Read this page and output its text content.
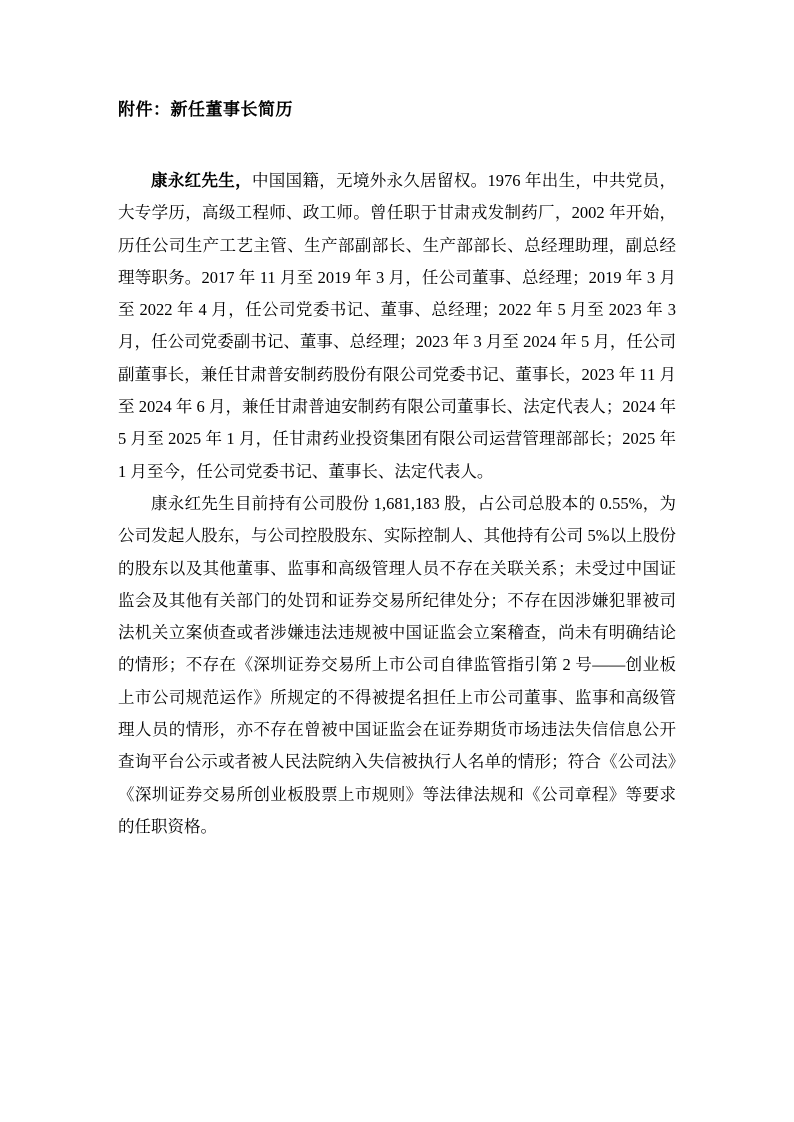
附件：新任董事长简历

康永红先生，中国国籍，无境外永久居留权。1976 年出生，中共党员，大专学历，高级工程师、政工师。曾任职于甘肃戎发制药厂，2002 年开始，历任公司生产工艺主管、生产部副部长、生产部部长、总经理助理，副总经理等职务。2017 年 11 月至 2019 年 3 月，任公司董事、总经理；2019 年 3 月至 2022 年 4 月，任公司党委书记、董事、总经理；2022 年 5 月至 2023 年 3 月，任公司党委副书记、董事、总经理；2023 年 3 月至 2024 年 5 月，任公司副董事长，兼任甘肃普安制药股份有限公司党委书记、董事长，2023 年 11 月至 2024 年 6 月，兼任甘肃普迪安制药有限公司董事长、法定代表人；2024 年 5 月至 2025 年 1 月，任甘肃药业投资集团有限公司运营管理部部长；2025 年 1 月至今，任公司党委书记、董事长、法定代表人。

康永红先生目前持有公司股份 1,681,183 股，占公司总股本的 0.55%，为公司发起人股东，与公司控股股东、实际控制人、其他持有公司 5%以上股份的股东以及其他董事、监事和高级管理人员不存在关联关系；未受过中国证监会及其他有关部门的处罚和证券交易所纪律处分；不存在因涉嫌犯罪被司法机关立案侦查或者涉嫌违法违规被中国证监会立案稽查，尚未有明确结论的情形；不存在《深圳证券交易所上市公司自律监管指引第 2 号——创业板上市公司规范运作》所规定的不得被提名担任上市公司董事、监事和高级管理人员的情形，亦不存在曾被中国证监会在证券期货市场违法失信信息公开查询平台公示或者被人民法院纳入失信被执行人名单的情形；符合《公司法》《深圳证券交易所创业板股票上市规则》等法律法规和《公司章程》等要求的任职资格。
